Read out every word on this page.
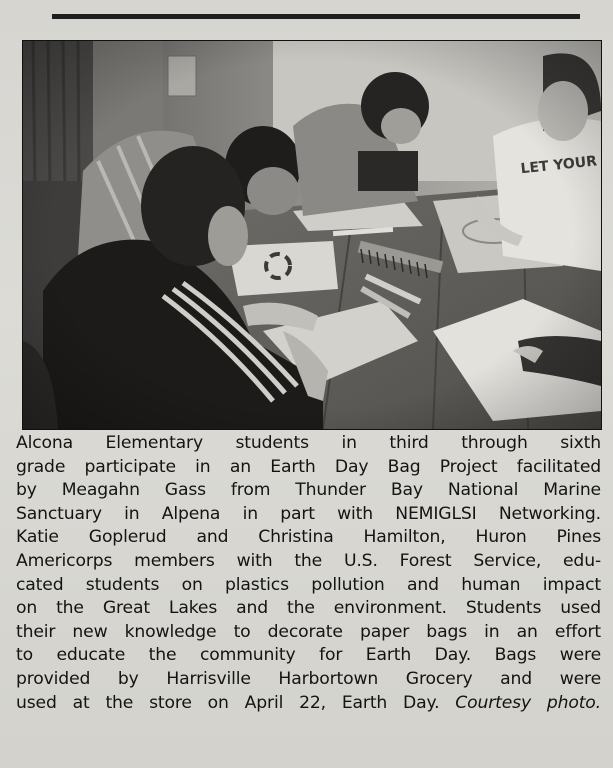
Alcona Elementary students in third through sixth
grade participate in an Earth Day Bag Project facilitated
by Meagahn Gass from Thunder Bay National Marine
Sanctuary in Alpena in part with NEMIGLSI Networking.
Katie Goplerud and Christina Hamilton, Huron Pines
Americorps members with the U.S. Forest Service, edu-
cated students on plastics pollution and human impact
on the Great Lakes and the environment. Students used
their new knowledge to decorate paper bags in an effort
to educate the community for Earth Day. Bags were
provided by Harrisville Harbortown Grocery and were
used at the store on April 22, Earth Day. Courtesy photo.
